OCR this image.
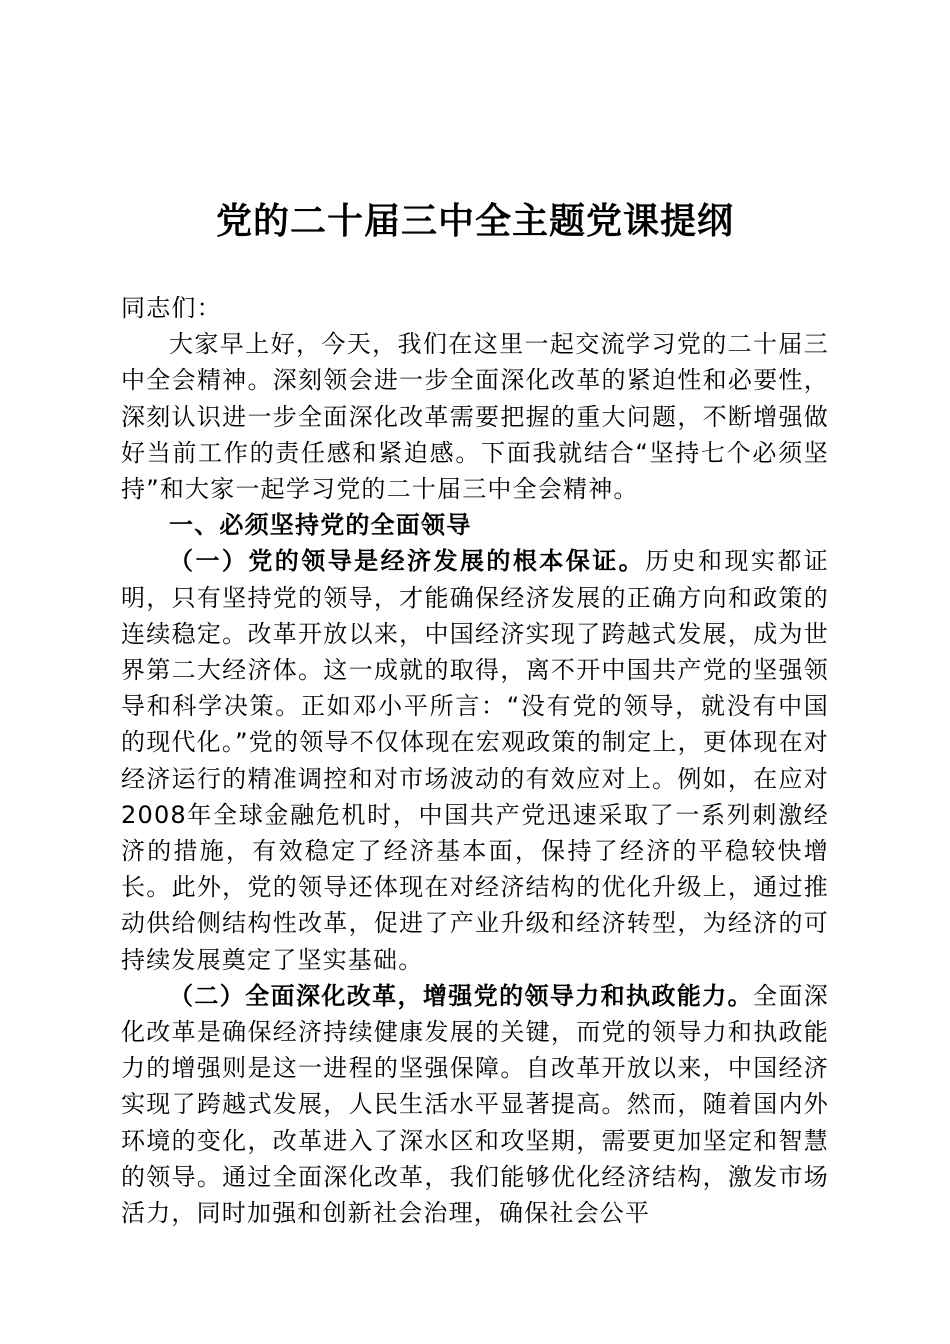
党的二十届三中全主题党课提纲

同志们：

大家早上好，今天，我们在这里一起交流学习党的二十届三中全会精神。深刻领会进一步全面深化改革的紧迫性和必要性，深刻认识进一步全面深化改革需要把握的重大问题，不断增强做好当前工作的责任感和紧迫感。下面我就结合“坚持七个必须坚持”和大家一起学习党的二十届三中全会精神。

一、必须坚持党的全面领导

（一）党的领导是经济发展的根本保证。历史和现实都证明，只有坚持党的领导，才能确保经济发展的正确方向和政策的连续稳定。改革开放以来，中国经济实现了跨越式发展，成为世界第二大经济体。这一成就的取得，离不开中国共产党的坚强领导和科学决策。正如邓小平所言：“没有党的领导，就没有中国的现代化。”党的领导不仅体现在宏观政策的制定上，更体现在对经济运行的精准调控和对市场波动的有效应对上。例如，在应对2008年全球金融危机时，中国共产党迅速采取了一系列刺激经济的措施，有效稳定了经济基本面，保持了经济的平稳较快增长。此外，党的领导还体现在对经济结构的优化升级上，通过推动供给侧结构性改革，促进了产业升级和经济转型，为经济的可持续发展奠定了坚实基础。

（二）全面深化改革，增强党的领导力和执政能力。全面深化改革是确保经济持续健康发展的关键，而党的领导力和执政能力的增强则是这一进程的坚强保障。自改革开放以来，中国经济实现了跨越式发展，人民生活水平显著提高。然而，随着国内外环境的变化，改革进入了深水区和攻坚期，需要更加坚定和智慧的领导。通过全面深化改革，我们能够优化经济结构，激发市场活力，同时加强和创新社会治理，确保社会公平
